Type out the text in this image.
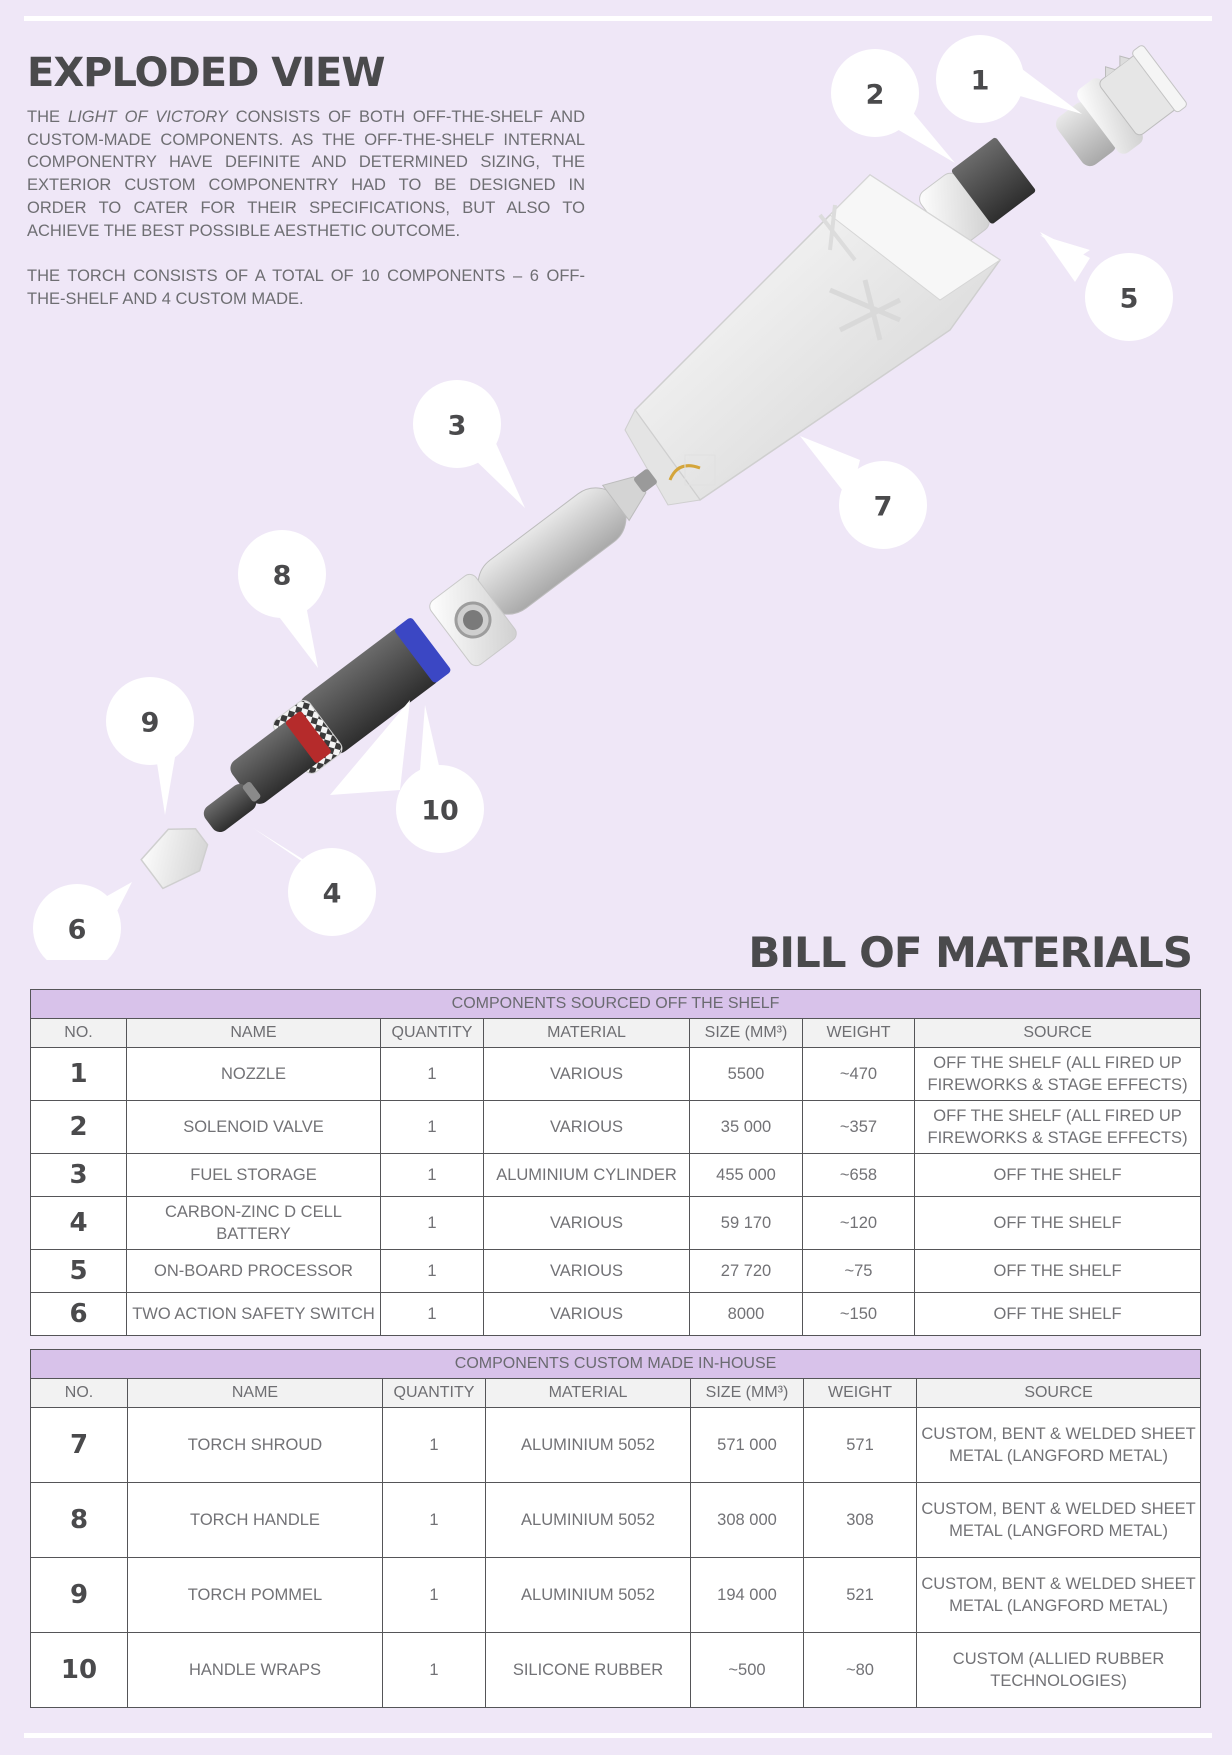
EXPLODED VIEW

THE LIGHT OF VICTORY CONSISTS OF BOTH OFF-THE-SHELF AND CUSTOM-MADE COMPONENTS. AS THE OFF-THE-SHELF INTERNAL COMPONENTRY HAVE DEFINITE AND DETERMINED SIZING, THE EXTERIOR CUSTOM COMPONENTRY HAD TO BE DESIGNED IN ORDER TO CATER FOR THEIR SPECIFICATIONS, BUT ALSO TO ACHIEVE THE BEST POSSIBLE AESTHETIC OUTCOME.

THE TORCH CONSISTS OF A TOTAL OF 10 COMPONENTS – 6 OFF-THE-SHELF AND 4 CUSTOM MADE.

1
2
5
3
7
8
10
9
4
6	BILL OF MATERIALS
COMPONENTS SOURCED OFF THE SHELF						
NO.	NAME	QUANTITY	MATERIAL	SIZE (MM³)	WEIGHT	SOURCE
1	NOZZLE	1	VARIOUS	5500	~470	OFF THE SHELF (ALL FIRED UP FIREWORKS & STAGE EFFECTS)
2	SOLENOID VALVE	1	VARIOUS	35 000	~357	OFF THE SHELF (ALL FIRED UP FIREWORKS & STAGE EFFECTS)
3	FUEL STORAGE	1	ALUMINIUM CYLINDER	455 000	~658	OFF THE SHELF
4	CARBON-ZINC D CELL BATTERY	1	VARIOUS	59 170	~120	OFF THE SHELF
5	ON-BOARD PROCESSOR	1	VARIOUS	27 720	~75	OFF THE SHELF
6	TWO ACTION SAFETY SWITCH	1	VARIOUS	8000	~150	OFF THE SHELF
COMPONENTS CUSTOM MADE IN-HOUSE						
NO.	NAME	QUANTITY	MATERIAL	SIZE (MM³)	WEIGHT	SOURCE
7	TORCH SHROUD	1	ALUMINIUM 5052	571 000	571	CUSTOM, BENT & WELDED SHEET METAL (LANGFORD METAL)
8	TORCH HANDLE	1	ALUMINIUM 5052	308 000	308	CUSTOM, BENT & WELDED SHEET METAL (LANGFORD METAL)
9	TORCH POMMEL	1	ALUMINIUM 5052	194 000	521	CUSTOM, BENT & WELDED SHEET METAL (LANGFORD METAL)
10	HANDLE WRAPS	1	SILICONE RUBBER	~500	~80	CUSTOM (ALLIED RUBBER TECHNOLOGIES)
